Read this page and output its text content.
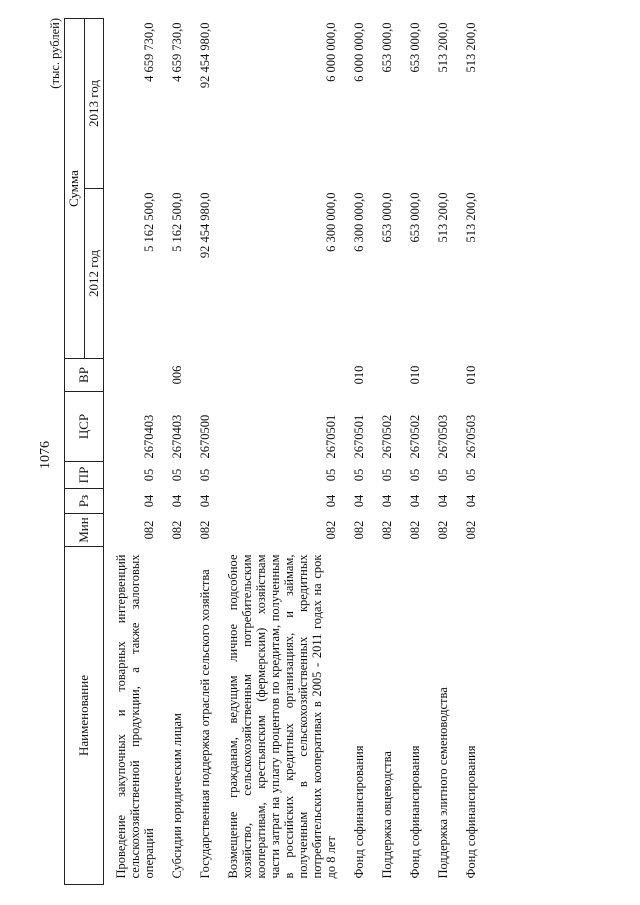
1076
(тыс. рублей)
Наименование	Мин	Рз	ПР	ЦСР	ВР	Сумма	
						2012 год	2013 год
Проведение закупочных и товарных интервенций сельскохозяйственной продукции, а также залоговых операций	082	04	05	2670403		5 162 500,0	4 659 730,0
Субсидии юридическим лицам	082	04	05	2670403	006	5 162 500,0	4 659 730,0
Государственная поддержка отраслей сельского хозяйства	082	04	05	2670500		92 454 980,0	92 454 980,0
Возмещение гражданам, ведущим личное подсобное хозяйство, сельскохозяйственным потребительским кооперативам, крестьянским (фермерским) хозяйствам части затрат на уплату процентов по кредитам, полученным в российских кредитных организациях, и займам, полученным в сельскохозяйственных кредитных потребительских кооперативах в 2005 - 2011 годах на срок до 8 лет	082	04	05	2670501		6 300 000,0	6 000 000,0
Фонд софинансирования	082	04	05	2670501	010	6 300 000,0	6 000 000,0
Поддержка овцеводства	082	04	05	2670502		653 000,0	653 000,0
Фонд софинансирования	082	04	05	2670502	010	653 000,0	653 000,0
Поддержка элитного семеноводства	082	04	05	2670503		513 200,0	513 200,0
Фонд софинансирования	082	04	05	2670503	010	513 200,0	513 200,0
